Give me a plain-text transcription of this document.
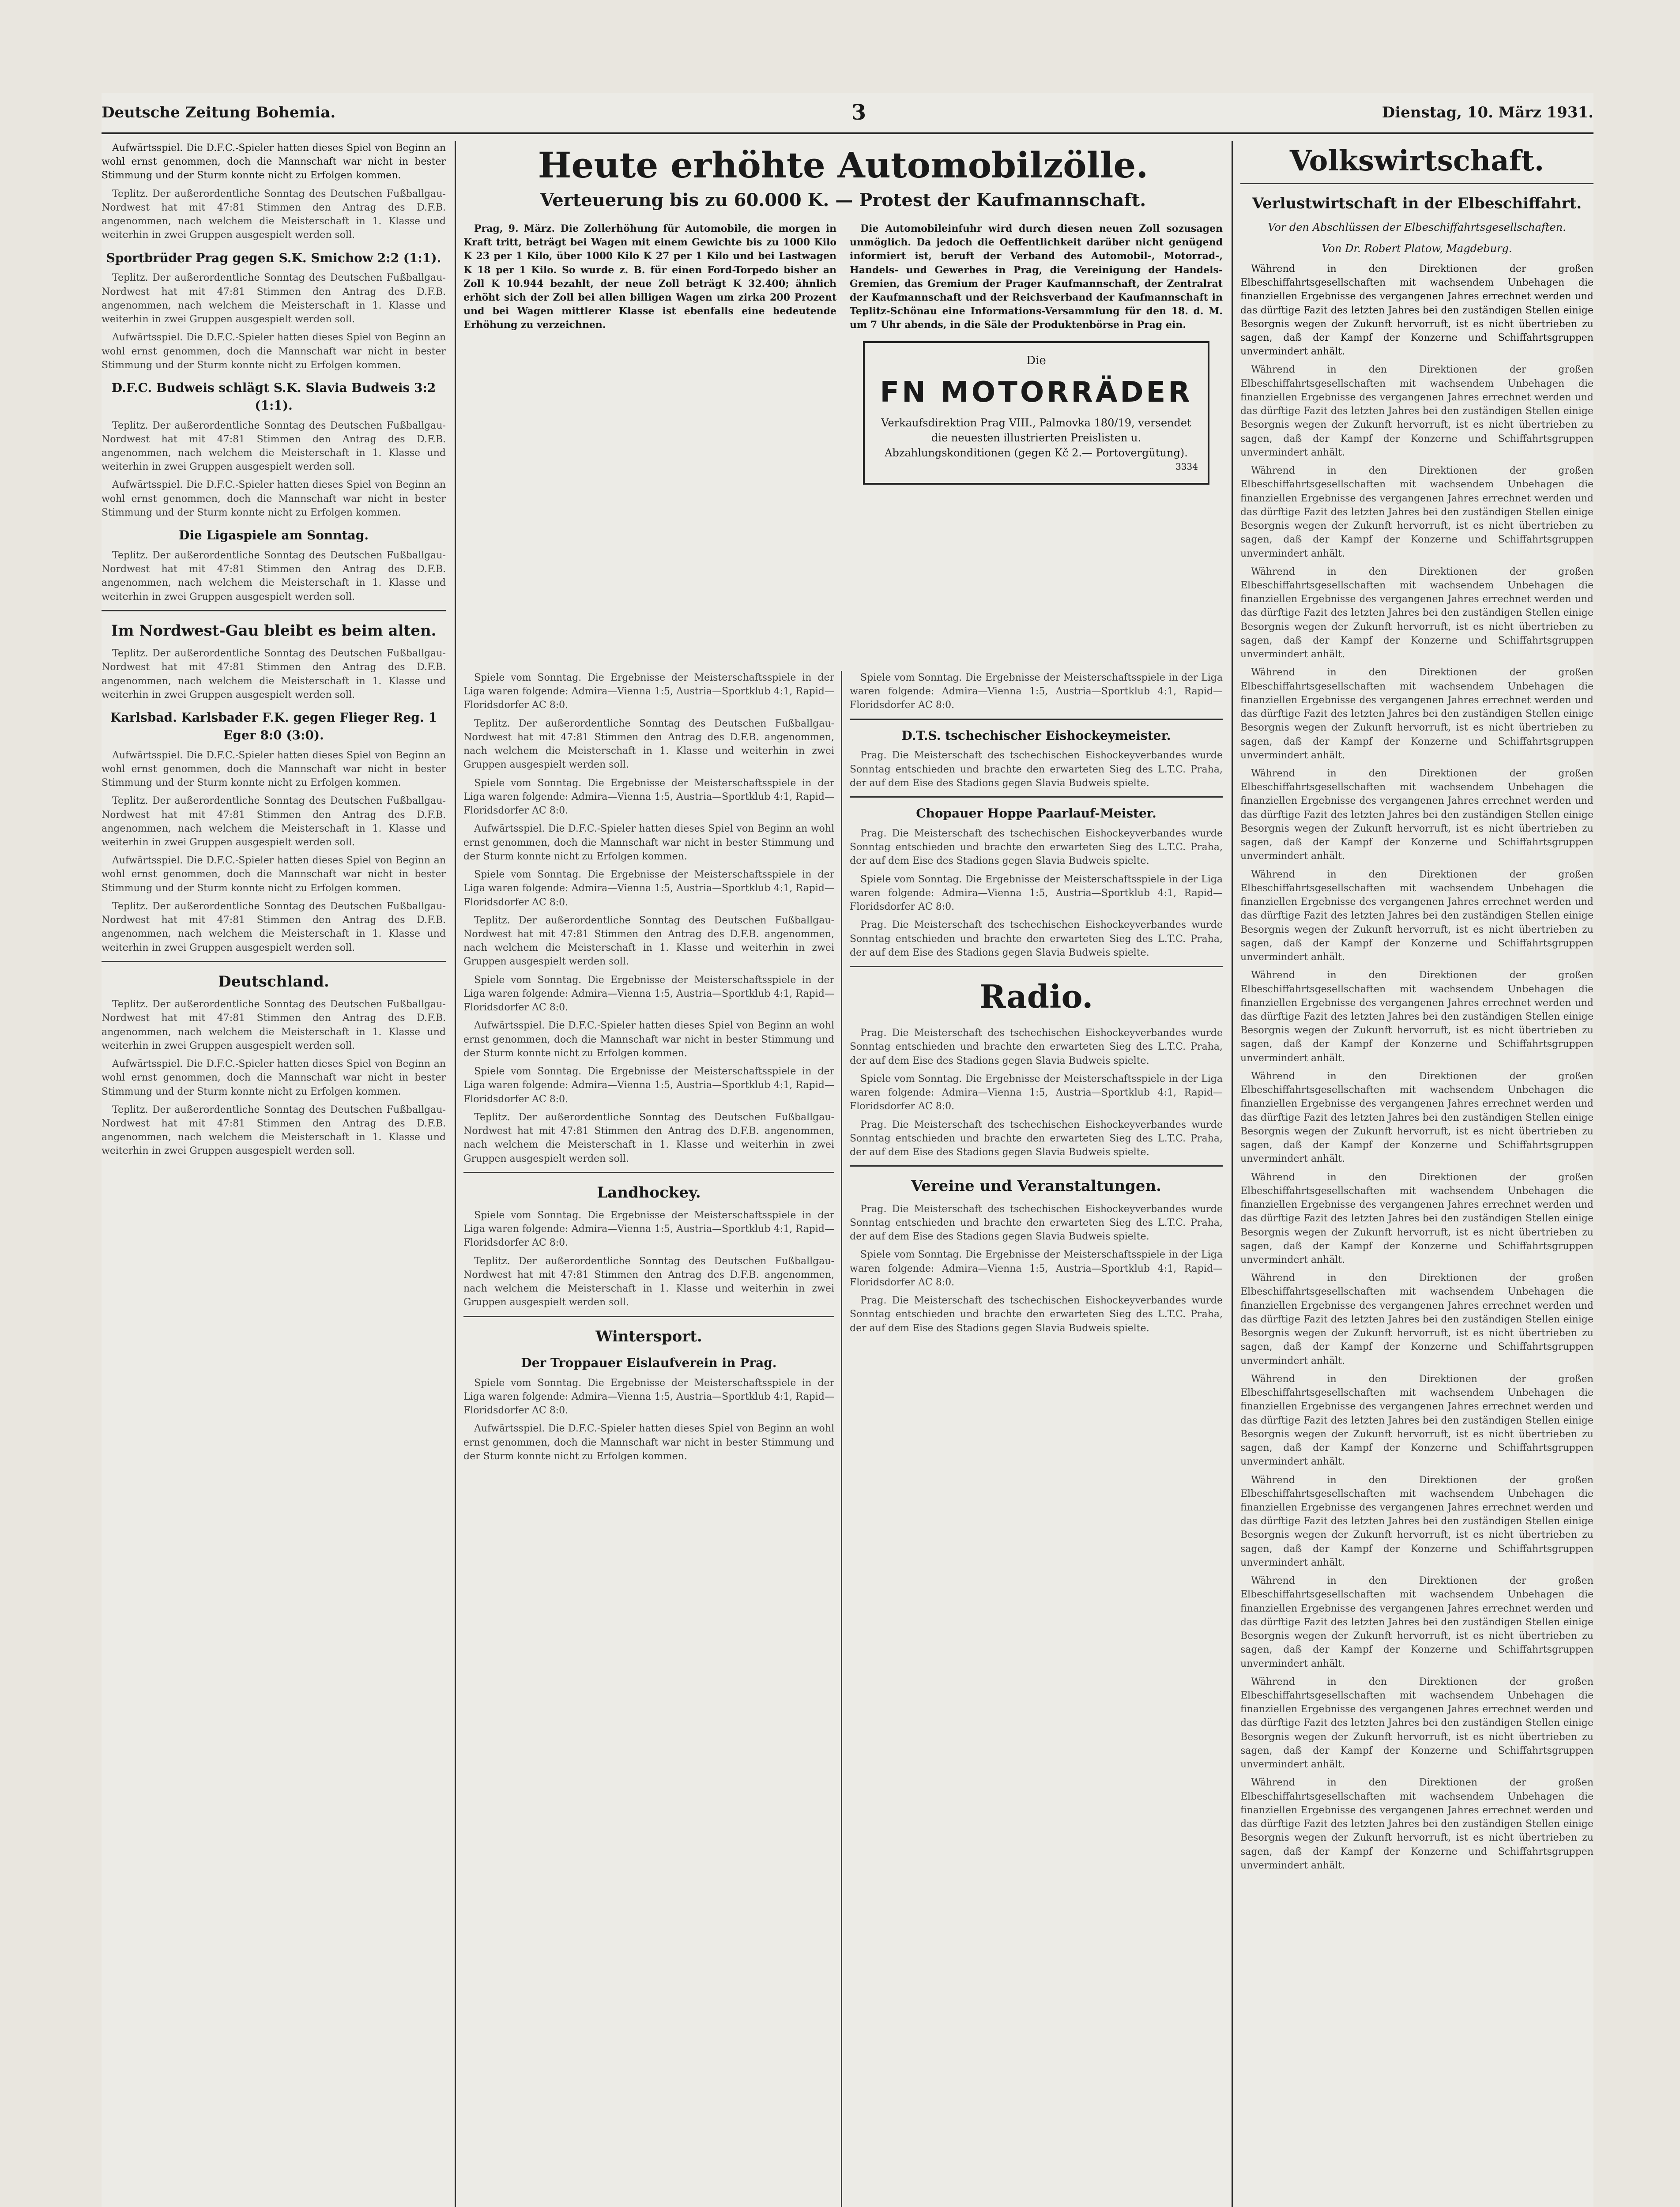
Deutsche Zeitung Bohemia.	3	Dienstag, 10. März 1931.

Aufwärtsspiel. Die D.F.C.-Spieler hatten dieses Spiel von Beginn an wohl ernst genommen, doch die Mannschaft war nicht in bester Stimmung und der Sturm konnte nicht zu Erfolgen kommen.

Teplitz. Der außerordentliche Sonntag des Deutschen Fußballgau-Nordwest hat mit 47:81 Stimmen den Antrag des D.F.B. angenommen, nach welchem die Meisterschaft in 1. Klasse und weiterhin in zwei Gruppen ausgespielt werden soll.

Sportbrüder Prag gegen S.K. Smichow 2:2 (1:1).

Teplitz. Der außerordentliche Sonntag des Deutschen Fußballgau-Nordwest hat mit 47:81 Stimmen den Antrag des D.F.B. angenommen, nach welchem die Meisterschaft in 1. Klasse und weiterhin in zwei Gruppen ausgespielt werden soll.

Aufwärtsspiel. Die D.F.C.-Spieler hatten dieses Spiel von Beginn an wohl ernst genommen, doch die Mannschaft war nicht in bester Stimmung und der Sturm konnte nicht zu Erfolgen kommen.

D.F.C. Budweis schlägt S.K. Slavia Budweis 3:2 (1:1).

Teplitz. Der außerordentliche Sonntag des Deutschen Fußballgau-Nordwest hat mit 47:81 Stimmen den Antrag des D.F.B. angenommen, nach welchem die Meisterschaft in 1. Klasse und weiterhin in zwei Gruppen ausgespielt werden soll.

Aufwärtsspiel. Die D.F.C.-Spieler hatten dieses Spiel von Beginn an wohl ernst genommen, doch die Mannschaft war nicht in bester Stimmung und der Sturm konnte nicht zu Erfolgen kommen.

Die Ligaspiele am Sonntag.

Teplitz. Der außerordentliche Sonntag des Deutschen Fußballgau-Nordwest hat mit 47:81 Stimmen den Antrag des D.F.B. angenommen, nach welchem die Meisterschaft in 1. Klasse und weiterhin in zwei Gruppen ausgespielt werden soll.

Im Nordwest-Gau bleibt es beim alten.

Teplitz. Der außerordentliche Sonntag des Deutschen Fußballgau-Nordwest hat mit 47:81 Stimmen den Antrag des D.F.B. angenommen, nach welchem die Meisterschaft in 1. Klasse und weiterhin in zwei Gruppen ausgespielt werden soll.

Karlsbad. Karlsbader F.K. gegen Flieger Reg. 1 Eger 8:0 (3:0).

Aufwärtsspiel. Die D.F.C.-Spieler hatten dieses Spiel von Beginn an wohl ernst genommen, doch die Mannschaft war nicht in bester Stimmung und der Sturm konnte nicht zu Erfolgen kommen.

Teplitz. Der außerordentliche Sonntag des Deutschen Fußballgau-Nordwest hat mit 47:81 Stimmen den Antrag des D.F.B. angenommen, nach welchem die Meisterschaft in 1. Klasse und weiterhin in zwei Gruppen ausgespielt werden soll.

Aufwärtsspiel. Die D.F.C.-Spieler hatten dieses Spiel von Beginn an wohl ernst genommen, doch die Mannschaft war nicht in bester Stimmung und der Sturm konnte nicht zu Erfolgen kommen.

Teplitz. Der außerordentliche Sonntag des Deutschen Fußballgau-Nordwest hat mit 47:81 Stimmen den Antrag des D.F.B. angenommen, nach welchem die Meisterschaft in 1. Klasse und weiterhin in zwei Gruppen ausgespielt werden soll.

Deutschland.

Teplitz. Der außerordentliche Sonntag des Deutschen Fußballgau-Nordwest hat mit 47:81 Stimmen den Antrag des D.F.B. angenommen, nach welchem die Meisterschaft in 1. Klasse und weiterhin in zwei Gruppen ausgespielt werden soll.

Aufwärtsspiel. Die D.F.C.-Spieler hatten dieses Spiel von Beginn an wohl ernst genommen, doch die Mannschaft war nicht in bester Stimmung und der Sturm konnte nicht zu Erfolgen kommen.

Teplitz. Der außerordentliche Sonntag des Deutschen Fußballgau-Nordwest hat mit 47:81 Stimmen den Antrag des D.F.B. angenommen, nach welchem die Meisterschaft in 1. Klasse und weiterhin in zwei Gruppen ausgespielt werden soll.

Heute erhöhte Automobilzölle.
Verteuerung bis zu 60.000 K. — Protest der Kaufmannschaft.

Prag, 9. März. Die Zollerhöhung für Automobile, die morgen in Kraft tritt, beträgt bei Wagen mit einem Gewichte bis zu 1000 Kilo K 23 per 1 Kilo, über 1000 Kilo K 27 per 1 Kilo und bei Lastwagen K 18 per 1 Kilo. So wurde z. B. für einen Ford-Torpedo bisher an Zoll K 10.944 bezahlt, der neue Zoll beträgt K 32.400; ähnlich erhöht sich der Zoll bei allen billigen Wagen um zirka 200 Prozent und bei Wagen mittlerer Klasse ist ebenfalls eine bedeutende Erhöhung zu verzeichnen.

Die Automobileinfuhr wird durch diesen neuen Zoll sozusagen unmöglich. Da jedoch die Oeffentlichkeit darüber nicht genügend informiert ist, beruft der Verband des Automobil-, Motorrad-, Handels- und Gewerbes in Prag, die Vereinigung der Handels-Gremien, das Gremium der Prager Kaufmannschaft, der Zentralrat der Kaufmannschaft und der Reichsverband der Kaufmannschaft in Teplitz-Schönau eine Informations-Versammlung für den 18. d. M. um 7 Uhr abends, in die Säle der Produktenbörse in Prag ein.

Die
FN MOTORRÄDER
Verkaufsdirektion Prag VIII., Palmovka 180/19, versendet die neuesten illustrierten Preislisten u. Abzahlungskonditionen (gegen Kč 2.— Portovergütung).
3334

Spiele vom Sonntag. Die Ergebnisse der Meisterschaftsspiele in der Liga waren folgende: Admira—Vienna 1:5, Austria—Sportklub 4:1, Rapid—Floridsdorfer AC 8:0.

Teplitz. Der außerordentliche Sonntag des Deutschen Fußballgau-Nordwest hat mit 47:81 Stimmen den Antrag des D.F.B. angenommen, nach welchem die Meisterschaft in 1. Klasse und weiterhin in zwei Gruppen ausgespielt werden soll.

Spiele vom Sonntag. Die Ergebnisse der Meisterschaftsspiele in der Liga waren folgende: Admira—Vienna 1:5, Austria—Sportklub 4:1, Rapid—Floridsdorfer AC 8:0.

Aufwärtsspiel. Die D.F.C.-Spieler hatten dieses Spiel von Beginn an wohl ernst genommen, doch die Mannschaft war nicht in bester Stimmung und der Sturm konnte nicht zu Erfolgen kommen.

Spiele vom Sonntag. Die Ergebnisse der Meisterschaftsspiele in der Liga waren folgende: Admira—Vienna 1:5, Austria—Sportklub 4:1, Rapid—Floridsdorfer AC 8:0.

Teplitz. Der außerordentliche Sonntag des Deutschen Fußballgau-Nordwest hat mit 47:81 Stimmen den Antrag des D.F.B. angenommen, nach welchem die Meisterschaft in 1. Klasse und weiterhin in zwei Gruppen ausgespielt werden soll.

Spiele vom Sonntag. Die Ergebnisse der Meisterschaftsspiele in der Liga waren folgende: Admira—Vienna 1:5, Austria—Sportklub 4:1, Rapid—Floridsdorfer AC 8:0.

Aufwärtsspiel. Die D.F.C.-Spieler hatten dieses Spiel von Beginn an wohl ernst genommen, doch die Mannschaft war nicht in bester Stimmung und der Sturm konnte nicht zu Erfolgen kommen.

Spiele vom Sonntag. Die Ergebnisse der Meisterschaftsspiele in der Liga waren folgende: Admira—Vienna 1:5, Austria—Sportklub 4:1, Rapid—Floridsdorfer AC 8:0.

Teplitz. Der außerordentliche Sonntag des Deutschen Fußballgau-Nordwest hat mit 47:81 Stimmen den Antrag des D.F.B. angenommen, nach welchem die Meisterschaft in 1. Klasse und weiterhin in zwei Gruppen ausgespielt werden soll.

Landhockey.

Spiele vom Sonntag. Die Ergebnisse der Meisterschaftsspiele in der Liga waren folgende: Admira—Vienna 1:5, Austria—Sportklub 4:1, Rapid—Floridsdorfer AC 8:0.

Teplitz. Der außerordentliche Sonntag des Deutschen Fußballgau-Nordwest hat mit 47:81 Stimmen den Antrag des D.F.B. angenommen, nach welchem die Meisterschaft in 1. Klasse und weiterhin in zwei Gruppen ausgespielt werden soll.

Wintersport.
Der Troppauer Eislaufverein in Prag.

Spiele vom Sonntag. Die Ergebnisse der Meisterschaftsspiele in der Liga waren folgende: Admira—Vienna 1:5, Austria—Sportklub 4:1, Rapid—Floridsdorfer AC 8:0.

Aufwärtsspiel. Die D.F.C.-Spieler hatten dieses Spiel von Beginn an wohl ernst genommen, doch die Mannschaft war nicht in bester Stimmung und der Sturm konnte nicht zu Erfolgen kommen.

Spiele vom Sonntag. Die Ergebnisse der Meisterschaftsspiele in der Liga waren folgende: Admira—Vienna 1:5, Austria—Sportklub 4:1, Rapid—Floridsdorfer AC 8:0.

D.T.S. tschechischer Eishockeymeister.

Prag. Die Meisterschaft des tschechischen Eishockeyverbandes wurde Sonntag entschieden und brachte den erwarteten Sieg des L.T.C. Praha, der auf dem Eise des Stadions gegen Slavia Budweis spielte.

Chopauer Hoppe Paarlauf-Meister.

Prag. Die Meisterschaft des tschechischen Eishockeyverbandes wurde Sonntag entschieden und brachte den erwarteten Sieg des L.T.C. Praha, der auf dem Eise des Stadions gegen Slavia Budweis spielte.

Spiele vom Sonntag. Die Ergebnisse der Meisterschaftsspiele in der Liga waren folgende: Admira—Vienna 1:5, Austria—Sportklub 4:1, Rapid—Floridsdorfer AC 8:0.

Prag. Die Meisterschaft des tschechischen Eishockeyverbandes wurde Sonntag entschieden und brachte den erwarteten Sieg des L.T.C. Praha, der auf dem Eise des Stadions gegen Slavia Budweis spielte.

Radio.

Prag. Die Meisterschaft des tschechischen Eishockeyverbandes wurde Sonntag entschieden und brachte den erwarteten Sieg des L.T.C. Praha, der auf dem Eise des Stadions gegen Slavia Budweis spielte.

Spiele vom Sonntag. Die Ergebnisse der Meisterschaftsspiele in der Liga waren folgende: Admira—Vienna 1:5, Austria—Sportklub 4:1, Rapid—Floridsdorfer AC 8:0.

Prag. Die Meisterschaft des tschechischen Eishockeyverbandes wurde Sonntag entschieden und brachte den erwarteten Sieg des L.T.C. Praha, der auf dem Eise des Stadions gegen Slavia Budweis spielte.

Vereine und Veranstaltungen.

Prag. Die Meisterschaft des tschechischen Eishockeyverbandes wurde Sonntag entschieden und brachte den erwarteten Sieg des L.T.C. Praha, der auf dem Eise des Stadions gegen Slavia Budweis spielte.

Spiele vom Sonntag. Die Ergebnisse der Meisterschaftsspiele in der Liga waren folgende: Admira—Vienna 1:5, Austria—Sportklub 4:1, Rapid—Floridsdorfer AC 8:0.

Prag. Die Meisterschaft des tschechischen Eishockeyverbandes wurde Sonntag entschieden und brachte den erwarteten Sieg des L.T.C. Praha, der auf dem Eise des Stadions gegen Slavia Budweis spielte.

Volkswirtschaft.
Verlustwirtschaft in der Elbeschiffahrt.
Vor den Abschlüssen der Elbeschiffahrtsgesellschaften.
Von Dr. Robert Platow, Magdeburg.

Während in den Direktionen der großen Elbeschiffahrtsgesellschaften mit wachsendem Unbehagen die finanziellen Ergebnisse des vergangenen Jahres errechnet werden und das dürftige Fazit des letzten Jahres bei den zuständigen Stellen einige Besorgnis wegen der Zukunft hervorruft, ist es nicht übertrieben zu sagen, daß der Kampf der Konzerne und Schiffahrtsgruppen unvermindert anhält.

Während in den Direktionen der großen Elbeschiffahrtsgesellschaften mit wachsendem Unbehagen die finanziellen Ergebnisse des vergangenen Jahres errechnet werden und das dürftige Fazit des letzten Jahres bei den zuständigen Stellen einige Besorgnis wegen der Zukunft hervorruft, ist es nicht übertrieben zu sagen, daß der Kampf der Konzerne und Schiffahrtsgruppen unvermindert anhält.

Während in den Direktionen der großen Elbeschiffahrtsgesellschaften mit wachsendem Unbehagen die finanziellen Ergebnisse des vergangenen Jahres errechnet werden und das dürftige Fazit des letzten Jahres bei den zuständigen Stellen einige Besorgnis wegen der Zukunft hervorruft, ist es nicht übertrieben zu sagen, daß der Kampf der Konzerne und Schiffahrtsgruppen unvermindert anhält.

Während in den Direktionen der großen Elbeschiffahrtsgesellschaften mit wachsendem Unbehagen die finanziellen Ergebnisse des vergangenen Jahres errechnet werden und das dürftige Fazit des letzten Jahres bei den zuständigen Stellen einige Besorgnis wegen der Zukunft hervorruft, ist es nicht übertrieben zu sagen, daß der Kampf der Konzerne und Schiffahrtsgruppen unvermindert anhält.

Während in den Direktionen der großen Elbeschiffahrtsgesellschaften mit wachsendem Unbehagen die finanziellen Ergebnisse des vergangenen Jahres errechnet werden und das dürftige Fazit des letzten Jahres bei den zuständigen Stellen einige Besorgnis wegen der Zukunft hervorruft, ist es nicht übertrieben zu sagen, daß der Kampf der Konzerne und Schiffahrtsgruppen unvermindert anhält.

Während in den Direktionen der großen Elbeschiffahrtsgesellschaften mit wachsendem Unbehagen die finanziellen Ergebnisse des vergangenen Jahres errechnet werden und das dürftige Fazit des letzten Jahres bei den zuständigen Stellen einige Besorgnis wegen der Zukunft hervorruft, ist es nicht übertrieben zu sagen, daß der Kampf der Konzerne und Schiffahrtsgruppen unvermindert anhält.

Während in den Direktionen der großen Elbeschiffahrtsgesellschaften mit wachsendem Unbehagen die finanziellen Ergebnisse des vergangenen Jahres errechnet werden und das dürftige Fazit des letzten Jahres bei den zuständigen Stellen einige Besorgnis wegen der Zukunft hervorruft, ist es nicht übertrieben zu sagen, daß der Kampf der Konzerne und Schiffahrtsgruppen unvermindert anhält.

Während in den Direktionen der großen Elbeschiffahrtsgesellschaften mit wachsendem Unbehagen die finanziellen Ergebnisse des vergangenen Jahres errechnet werden und das dürftige Fazit des letzten Jahres bei den zuständigen Stellen einige Besorgnis wegen der Zukunft hervorruft, ist es nicht übertrieben zu sagen, daß der Kampf der Konzerne und Schiffahrtsgruppen unvermindert anhält.

Während in den Direktionen der großen Elbeschiffahrtsgesellschaften mit wachsendem Unbehagen die finanziellen Ergebnisse des vergangenen Jahres errechnet werden und das dürftige Fazit des letzten Jahres bei den zuständigen Stellen einige Besorgnis wegen der Zukunft hervorruft, ist es nicht übertrieben zu sagen, daß der Kampf der Konzerne und Schiffahrtsgruppen unvermindert anhält.

Während in den Direktionen der großen Elbeschiffahrtsgesellschaften mit wachsendem Unbehagen die finanziellen Ergebnisse des vergangenen Jahres errechnet werden und das dürftige Fazit des letzten Jahres bei den zuständigen Stellen einige Besorgnis wegen der Zukunft hervorruft, ist es nicht übertrieben zu sagen, daß der Kampf der Konzerne und Schiffahrtsgruppen unvermindert anhält.

Während in den Direktionen der großen Elbeschiffahrtsgesellschaften mit wachsendem Unbehagen die finanziellen Ergebnisse des vergangenen Jahres errechnet werden und das dürftige Fazit des letzten Jahres bei den zuständigen Stellen einige Besorgnis wegen der Zukunft hervorruft, ist es nicht übertrieben zu sagen, daß der Kampf der Konzerne und Schiffahrtsgruppen unvermindert anhält.

Während in den Direktionen der großen Elbeschiffahrtsgesellschaften mit wachsendem Unbehagen die finanziellen Ergebnisse des vergangenen Jahres errechnet werden und das dürftige Fazit des letzten Jahres bei den zuständigen Stellen einige Besorgnis wegen der Zukunft hervorruft, ist es nicht übertrieben zu sagen, daß der Kampf der Konzerne und Schiffahrtsgruppen unvermindert anhält.

Während in den Direktionen der großen Elbeschiffahrtsgesellschaften mit wachsendem Unbehagen die finanziellen Ergebnisse des vergangenen Jahres errechnet werden und das dürftige Fazit des letzten Jahres bei den zuständigen Stellen einige Besorgnis wegen der Zukunft hervorruft, ist es nicht übertrieben zu sagen, daß der Kampf der Konzerne und Schiffahrtsgruppen unvermindert anhält.

Während in den Direktionen der großen Elbeschiffahrtsgesellschaften mit wachsendem Unbehagen die finanziellen Ergebnisse des vergangenen Jahres errechnet werden und das dürftige Fazit des letzten Jahres bei den zuständigen Stellen einige Besorgnis wegen der Zukunft hervorruft, ist es nicht übertrieben zu sagen, daß der Kampf der Konzerne und Schiffahrtsgruppen unvermindert anhält.

Während in den Direktionen der großen Elbeschiffahrtsgesellschaften mit wachsendem Unbehagen die finanziellen Ergebnisse des vergangenen Jahres errechnet werden und das dürftige Fazit des letzten Jahres bei den zuständigen Stellen einige Besorgnis wegen der Zukunft hervorruft, ist es nicht übertrieben zu sagen, daß der Kampf der Konzerne und Schiffahrtsgruppen unvermindert anhält.

Während in den Direktionen der großen Elbeschiffahrtsgesellschaften mit wachsendem Unbehagen die finanziellen Ergebnisse des vergangenen Jahres errechnet werden und das dürftige Fazit des letzten Jahres bei den zuständigen Stellen einige Besorgnis wegen der Zukunft hervorruft, ist es nicht übertrieben zu sagen, daß der Kampf der Konzerne und Schiffahrtsgruppen unvermindert anhält.
